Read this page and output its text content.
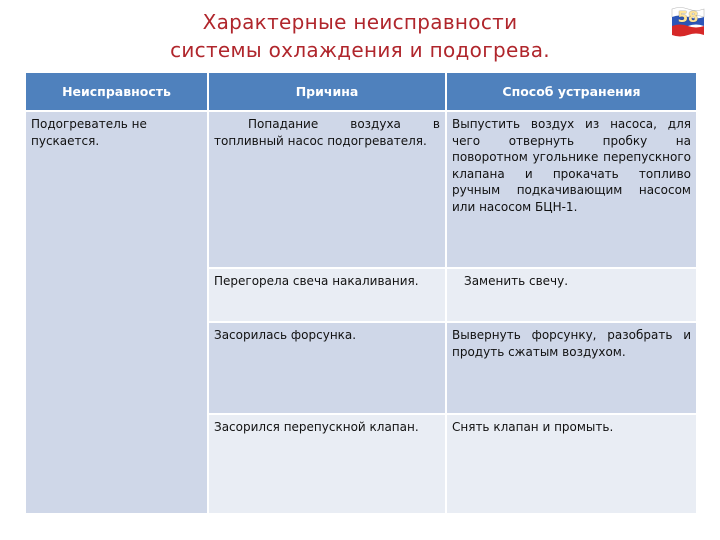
Характерные неисправности
системы охлаждения и подогрева.
58
Неисправность	Причина	Способ устранения
Подогреватель не пускается.	Попадание воздуха в топливный насос подогревателя.	Выпустить воздух из насоса, для чего отвернуть пробку на поворотном угольнике перепускного клапана и прокачать топливо ручным подкачивающим насосом или насосом БЦН-1.
	Перегорела свеча накаливания.	Заменить свечу.
	Засорилась форсунка.	Вывернуть форсунку, разобрать и продуть сжатым воздухом.
	Засорился перепускной клапан.	Снять клапан и промыть.
